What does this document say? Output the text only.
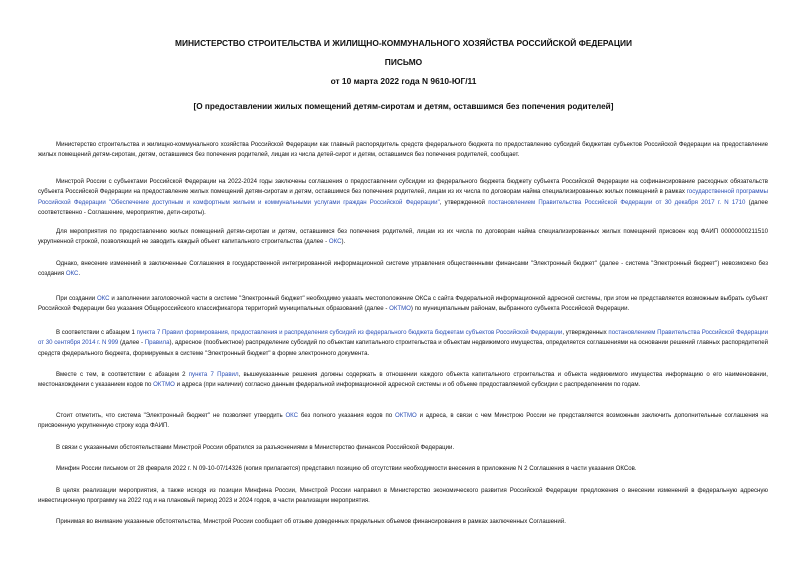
МИНИСТЕРСТВО СТРОИТЕЛЬСТВА И ЖИЛИЩНО-КОММУНАЛЬНОГО ХОЗЯЙСТВА РОССИЙСКОЙ ФЕДЕРАЦИИ
ПИСЬМО
от 10 марта 2022 года N 9610-ЮГ/11
[О предоставлении жилых помещений детям-сиротам и детям, оставшимся без попечения родителей]

Министерство строительства и жилищно-коммунального хозяйства Российской Федерации как главный распорядитель средств федерального бюджета по предоставлению субсидий бюджетам субъектов Российской Федерации на предоставление жилых помещений детям-сиротам, детям, оставшимся без попечения родителей, лицам из числа детей-сирот и детям, оставшимся без попечения родителей, сообщает.

Минстрой России с субъектами Российской Федерации на 2022-2024 годы заключены соглашения о предоставлении субсидии из федерального бюджета бюджету субъекта Российской Федерации на софинансирование расходных обязательств субъекта Российской Федерации на предоставление жилых помещений детям-сиротам и детям, оставшимся без попечения родителей, лицам из их числа по договорам найма специализированных жилых помещений в рамках государственной программы Российской Федерации "Обеспечение доступным и комфортным жильем и коммунальными услугами граждан Российской Федерации", утвержденной постановлением Правительства Российской Федерации от 30 декабря 2017 г. N 1710 (далее соответственно - Соглашение, мероприятие, дети-сироты).

Для мероприятия по предоставлению жилых помещений детям-сиротам и детям, оставшимся без попечения родителей, лицам из их числа по договорам найма специализированных жилых помещений присвоен код ФАИП 00000000211510 укрупненной строкой, позволяющий не заводить каждый объект капитального строительства (далее - ОКС).

Однако, внесение изменений в заключенные Соглашения в государственной интегрированной информационной системе управления общественными финансами "Электронный бюджет" (далее - система "Электронный бюджет") невозможно без создания ОКС.

При создании ОКС и заполнении заголовочной части в системе "Электронный бюджет" необходимо указать местоположение ОКСа с сайта Федеральной информационной адресной системы, при этом не представляется возможным выбрать субъект Российской Федерации без указания Общероссийского классификатора территорий муниципальных образований (далее - ОКТМО) по муниципальным районам, выбранного субъекта Российской Федерации.

В соответствии с абзацем 1 пункта 7 Правил формирования, предоставления и распределения субсидий из федерального бюджета бюджетам субъектов Российской Федерации, утвержденных постановлением Правительства Российской Федерации от 30 сентября 2014 г. N 999 (далее - Правила), адресное (пообъектное) распределение субсидий по объектам капитального строительства и объектам недвижимого имущества, определяется соглашениями на основании решений главных распорядителей средств федерального бюджета, формируемых в системе "Электронный бюджет" в форме электронного документа.

Вместе с тем, в соответствии с абзацем 2 пункта 7 Правил, вышеуказанные решения должны содержать в отношении каждого объекта капитального строительства и объекта недвижимого имущества информацию о его наименовании, местонахождении с указанием кодов по ОКТМО и адреса (при наличии) согласно данным федеральной информационной адресной системы и об объеме предоставляемой субсидии с распределением по годам.

Стоит отметить, что система "Электронный бюджет" не позволяет утвердить ОКС без полного указания кодов по ОКТМО и адреса, в связи с чем Минстрою России не представляется возможным заключить дополнительные соглашения на присвоенную укрупненную строку кода ФАИП.

В связи с указанными обстоятельствами Минстрой России обратился за разъяснениями в Министерство финансов Российской Федерации.

Минфин России письмом от 28 февраля 2022 г. N 09-10-07/14326 (копия прилагается) представил позицию об отсутствии необходимости внесения в приложение N 2 Соглашения в части указания ОКСов.

В целях реализации мероприятия, а также исходя из позиции Минфина России, Минстрой России направил в Министерство экономического развития Российской Федерации предложения о внесении изменений в федеральную адресную инвестиционную программу на 2022 год и на плановый период 2023 и 2024 годов, в части реализации мероприятия.

Принимая во внимание указанные обстоятельства, Минстрой России сообщает об отзыве доведенных предельных объемов финансирования в рамках заключенных Соглашений.
